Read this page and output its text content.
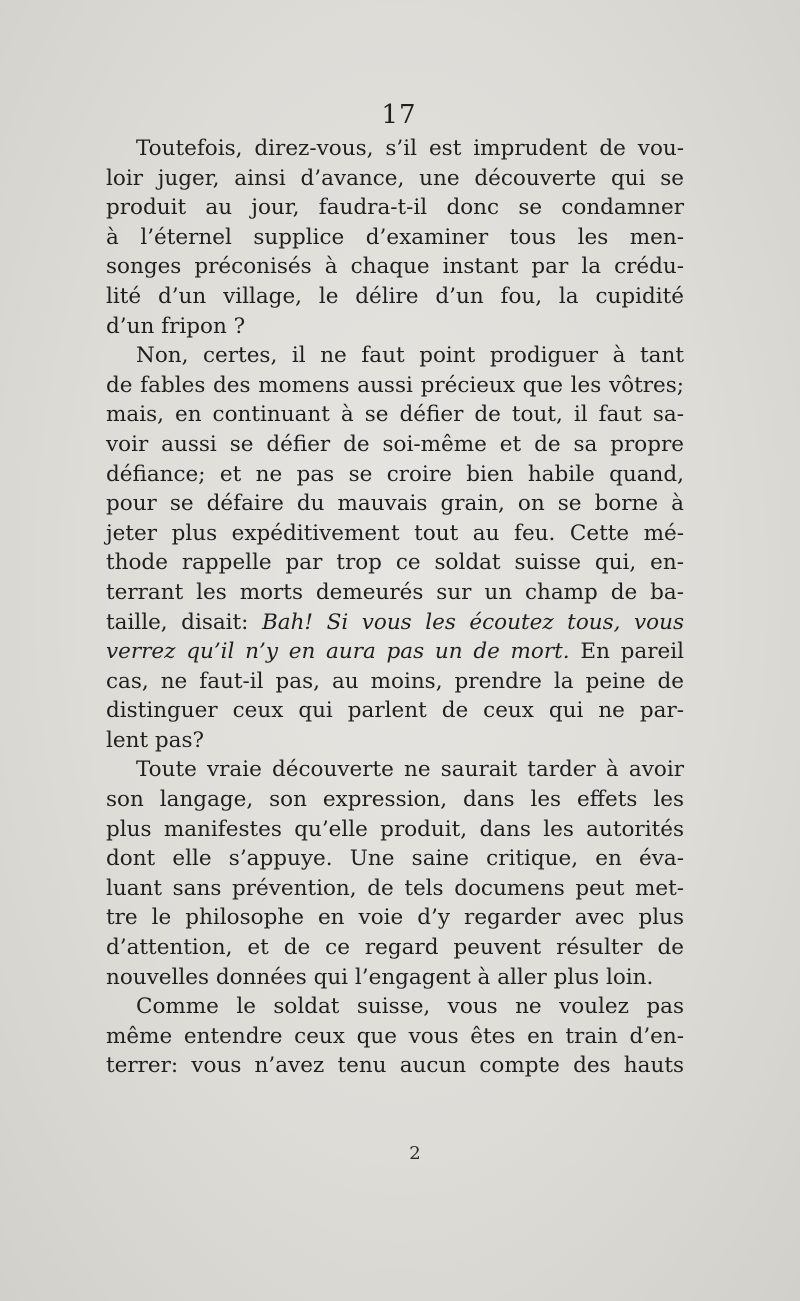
17

Toutefois, direz-vous, s’il est imprudent de vou-
loir juger, ainsi d’avance, une découverte qui se
produit au jour, faudra-t-il donc se condamner
à l’éternel supplice d’examiner tous les men-
songes préconisés à chaque instant par la crédu-
lité d’un village, le délire d’un fou, la cupidité
d’un fripon ?

Non, certes, il ne faut point prodiguer à tant
de fables des momens aussi précieux que les vôtres;
mais, en continuant à se défier de tout, il faut sa-
voir aussi se défier de soi-même et de sa propre
défiance; et ne pas se croire bien habile quand,
pour se défaire du mauvais grain, on se borne à
jeter plus expéditivement tout au feu. Cette mé-
thode rappelle par trop ce soldat suisse qui, en-
terrant les morts demeurés sur un champ de ba-
taille, disait: Bah! Si vous les écoutez tous, vous
verrez qu’il n’y en aura pas un de mort. En pareil
cas, ne faut-il pas, au moins, prendre la peine de
distinguer ceux qui parlent de ceux qui ne par-
lent pas?

Toute vraie découverte ne saurait tarder à avoir
son langage, son expression, dans les effets les
plus manifestes qu’elle produit, dans les autorités
dont elle s’appuye. Une saine critique, en éva-
luant sans prévention, de tels documens peut met-
tre le philosophe en voie d’y regarder avec plus
d’attention, et de ce regard peuvent résulter de
nouvelles données qui l’engagent à aller plus loin.

Comme le soldat suisse, vous ne voulez pas
même entendre ceux que vous êtes en train d’en-
terrer: vous n’avez tenu aucun compte des hauts

2
